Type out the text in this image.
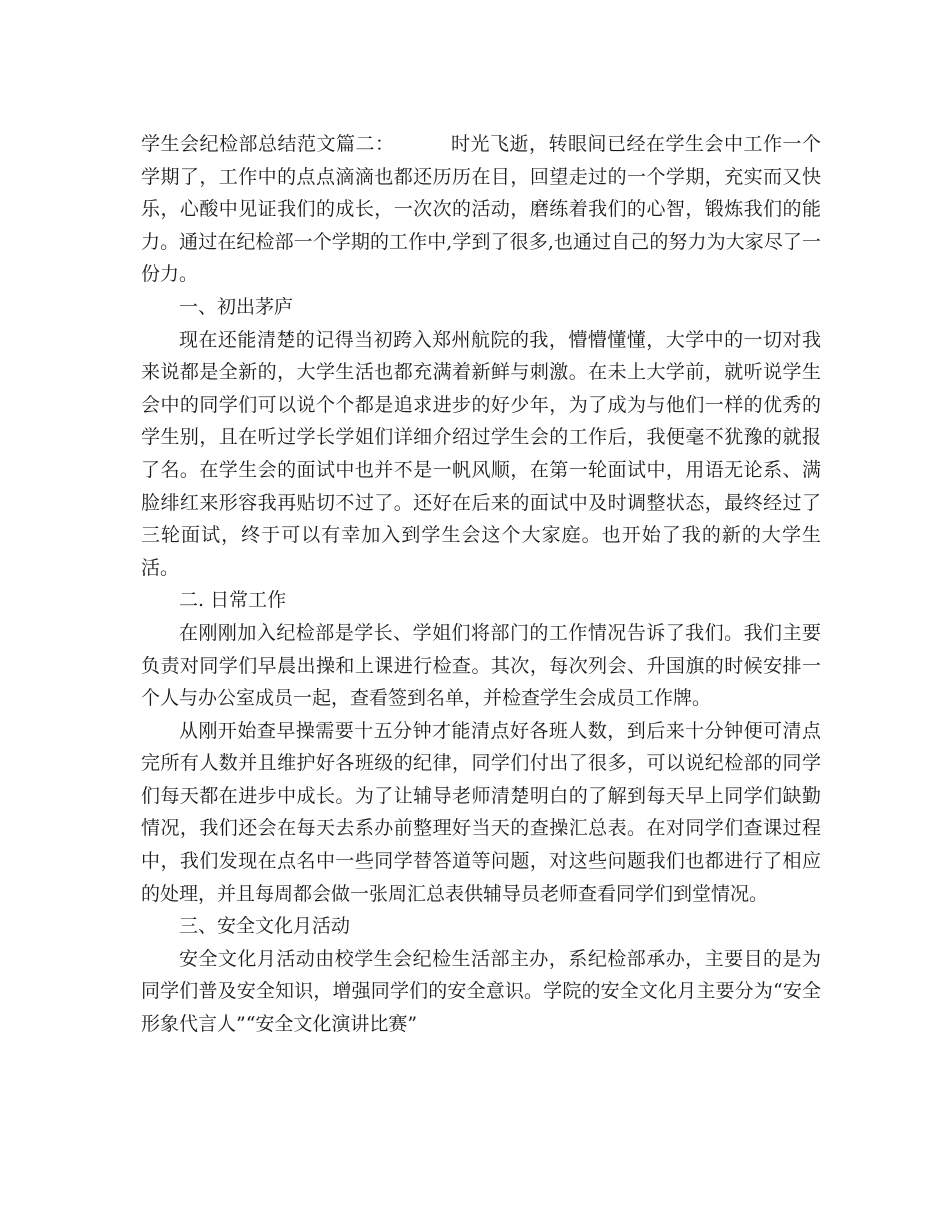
学生会纪检部总结范文篇二：	时光飞逝，转眼间已经在学生会中工作一个学期了，工作中的点点滴滴也都还历历在目，回望走过的一个学期，充实而又快乐，心酸中见证我们的成长，一次次的活动，磨练着我们的心智，锻炼我们的能力。通过在纪检部一个学期的工作中,学到了很多,也通过自己的努力为大家尽了一份力。

一、初出茅庐

现在还能清楚的记得当初跨入郑州航院的我，懵懵懂懂，大学中的一切对我来说都是全新的，大学生活也都充满着新鲜与刺激。在未上大学前，就听说学生会中的同学们可以说个个都是追求进步的好少年，为了成为与他们一样的优秀的学生别，且在听过学长学姐们详细介绍过学生会的工作后，我便毫不犹豫的就报了名。在学生会的面试中也并不是一帆风顺，在第一轮面试中，用语无论系、满脸绯红来形容我再贴切不过了。还好在后来的面试中及时调整状态，最终经过了三轮面试，终于可以有幸加入到学生会这个大家庭。也开始了我的新的大学生活。

二. 日常工作

在刚刚加入纪检部是学长、学姐们将部门的工作情况告诉了我们。我们主要负责对同学们早晨出操和上课进行检查。其次，每次列会、升国旗的时候安排一个人与办公室成员一起，查看签到名单，并检查学生会成员工作牌。

从刚开始查早操需要十五分钟才能清点好各班人数，到后来十分钟便可清点完所有人数并且维护好各班级的纪律，同学们付出了很多，可以说纪检部的同学们每天都在进步中成长。为了让辅导老师清楚明白的了解到每天早上同学们缺勤情况，我们还会在每天去系办前整理好当天的查操汇总表。在对同学们查课过程中，我们发现在点名中一些同学替答道等问题，对这些问题我们也都进行了相应的处理，并且每周都会做一张周汇总表供辅导员老师查看同学们到堂情况。

三、安全文化月活动

安全文化月活动由校学生会纪检生活部主办，系纪检部承办，主要目的是为同学们普及安全知识，增强同学们的安全意识。学院的安全文化月主要分为“安全形象代言人”“安全文化演讲比赛”
